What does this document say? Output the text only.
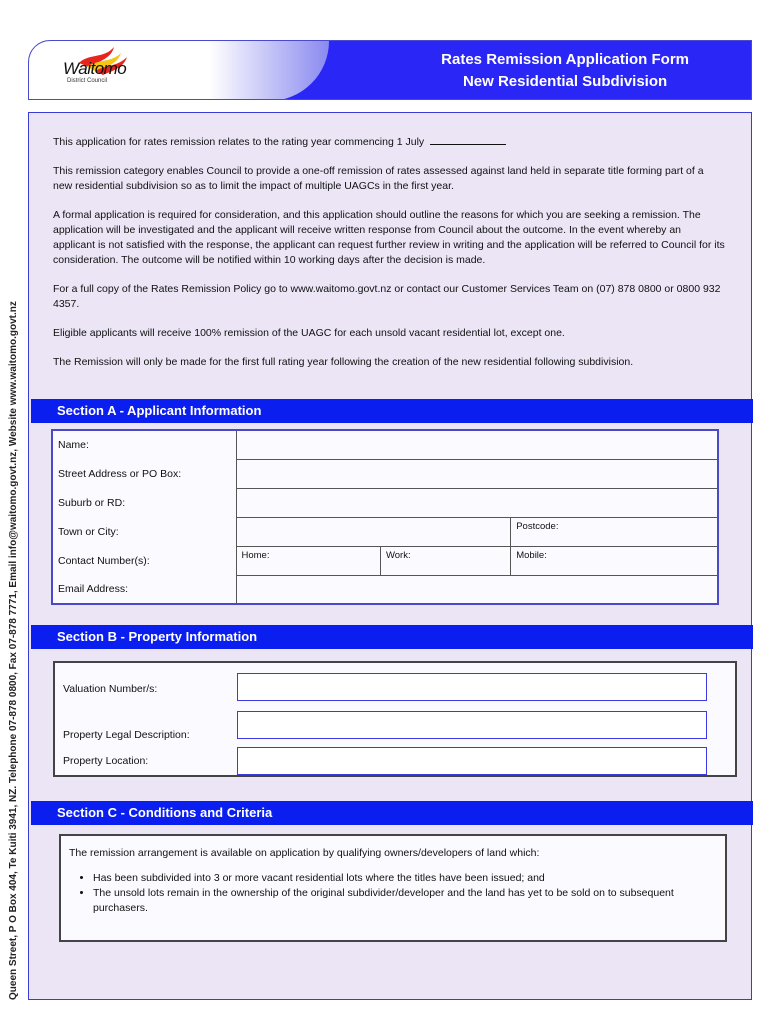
Waitomo
District Council
Rates Remission Application Form
New Residential Subdivision
Queen Street, P O Box 404, Te Kuiti 3941, NZ. Telephone 07-878 0800, Fax 07-878 7771, Email info@waitomo.govt.nz, Website www.waitomo.govt.nz

This application for rates remission relates to the rating year commencing 1 July

This remission category enables Council to provide a one-off remission of rates assessed against land held in separate title forming part of a new residential subdivision so as to limit the impact of multiple UAGCs in the first year.

A formal application is required for consideration, and this application should outline the reasons for which you are seeking a remission. The application will be investigated and the applicant will receive written response from Council about the outcome. In the event whereby an applicant is not satisfied with the response, the applicant can request further review in writing and the application will be referred to Council for its consideration. The outcome will be notified within 10 working days after the decision is made.

For a full copy of the Rates Remission Policy go to www.waitomo.govt.nz or contact our Customer Services Team on (07) 878 0800 or 0800 932 4357.

Eligible applicants will receive 100% remission of the UAGC for each unsold vacant residential lot, except one.

The Remission will only be made for the first full rating year following the creation of the new residential following subdivision.

Section A - Applicant Information
Name:			
Street Address or PO Box:			
Suburb or RD:			
Town or City:			Postcode:
Contact Number(s):	Home:	Work:	Mobile:
Email Address:			
Section B - Property Information
Valuation Number/s:
Property Legal Description:
Property Location:
Section C - Conditions and Criteria

The remission arrangement is available on application by qualifying owners/developers of land which:

• Has been subdivided into 3 or more vacant residential lots where the titles have been issued; and
• The unsold lots remain in the ownership of the original subdivider/developer and the land has yet to be sold on to subsequent purchasers.
